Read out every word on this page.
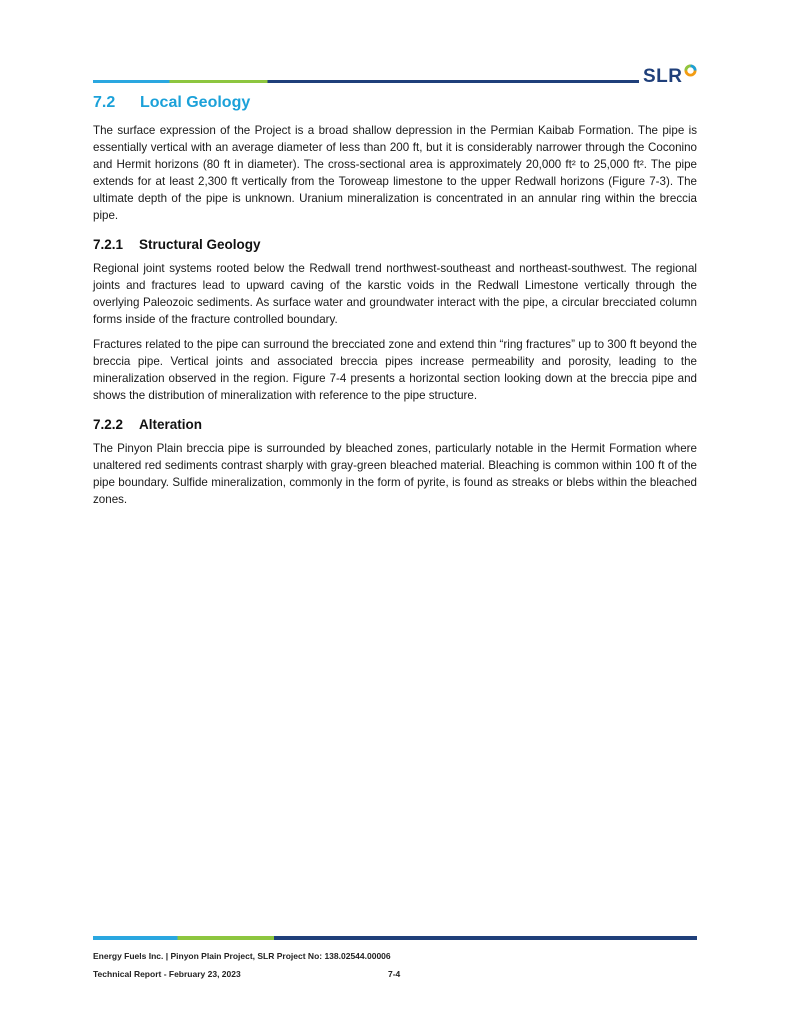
SLR
7.2 Local Geology

The surface expression of the Project is a broad shallow depression in the Permian Kaibab Formation. The pipe is essentially vertical with an average diameter of less than 200 ft, but it is considerably narrower through the Coconino and Hermit horizons (80 ft in diameter). The cross-sectional area is approximately 20,000 ft² to 25,000 ft². The pipe extends for at least 2,300 ft vertically from the Toroweap limestone to the upper Redwall horizons (Figure 7-3). The ultimate depth of the pipe is unknown. Uranium mineralization is concentrated in an annular ring within the breccia pipe.

7.2.1 Structural Geology

Regional joint systems rooted below the Redwall trend northwest-southeast and northeast-southwest. The regional joints and fractures lead to upward caving of the karstic voids in the Redwall Limestone vertically through the overlying Paleozoic sediments. As surface water and groundwater interact with the pipe, a circular brecciated column forms inside of the fracture controlled boundary.

Fractures related to the pipe can surround the brecciated zone and extend thin “ring fractures” up to 300 ft beyond the breccia pipe. Vertical joints and associated breccia pipes increase permeability and porosity, leading to the mineralization observed in the region. Figure 7-4 presents a horizontal section looking down at the breccia pipe and shows the distribution of mineralization with reference to the pipe structure.

7.2.2 Alteration

The Pinyon Plain breccia pipe is surrounded by bleached zones, particularly notable in the Hermit Formation where unaltered red sediments contrast sharply with gray-green bleached material. Bleaching is common within 100 ft of the pipe boundary. Sulfide mineralization, commonly in the form of pyrite, is found as streaks or blebs within the bleached zones.

Energy Fuels Inc. | Pinyon Plain Project, SLR Project No: 138.02544.00006
Technical Report - February 23, 2023	7-4
